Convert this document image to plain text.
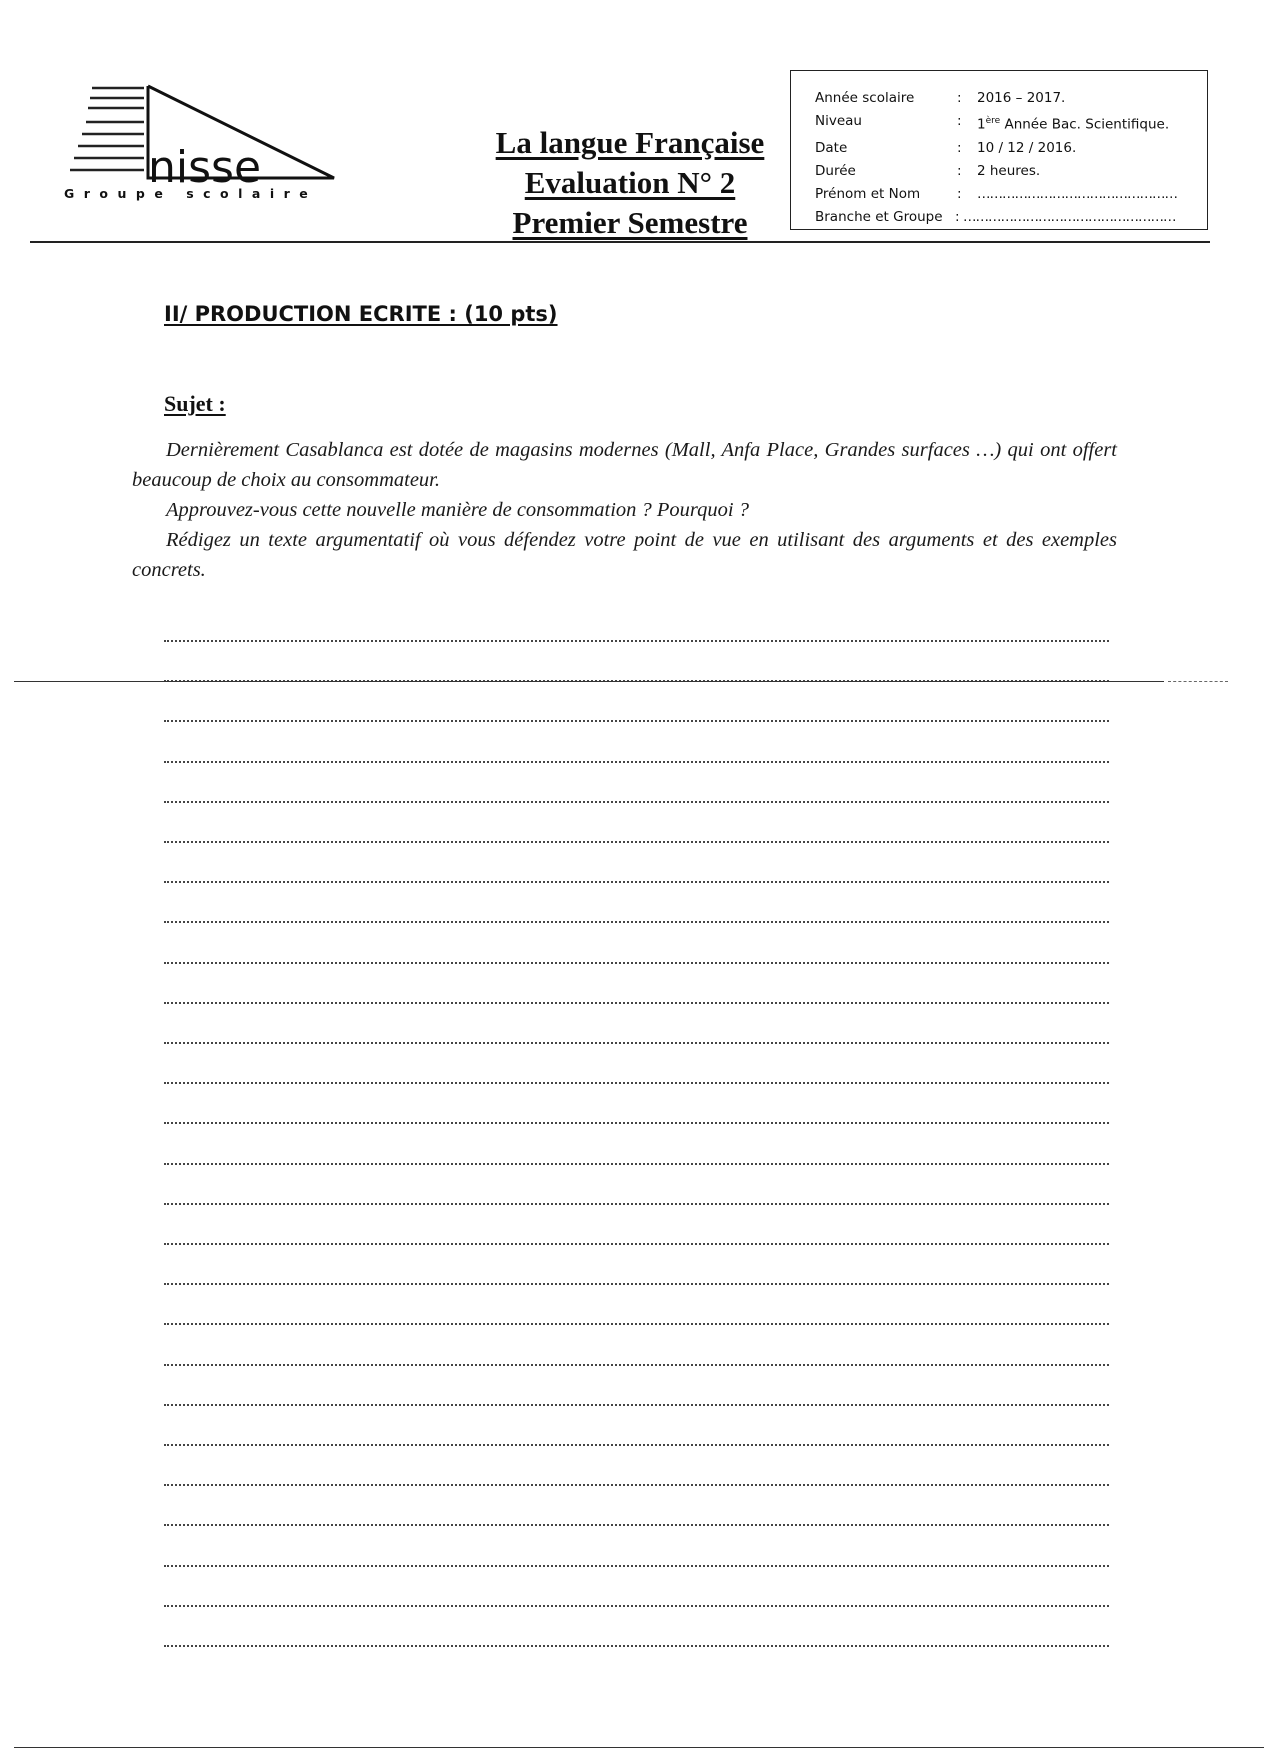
nisse
Groupe scolaire
La langue Française
Evaluation N° 2
Premier Semestre
Année scolaire	:	2016 – 2017.
Niveau	:	1ère Année Bac. Scientifique.
Date	:	10 / 12 / 2016.
Durée	:	2 heures.
Prénom et Nom	:	…………………………………………
Branche et Groupe : ……………………………………………
II/ PRODUCTION ECRITE : (10 pts)
Sujet :

Dernièrement Casablanca est dotée de magasins modernes (Mall, Anfa Place, Grandes surfaces …) qui ont offert beaucoup de choix au consommateur.

Approuvez-vous cette nouvelle manière de consommation ? Pourquoi ?

Rédigez un texte argumentatif où vous défendez votre point de vue en utilisant des arguments et des exemples concrets.
